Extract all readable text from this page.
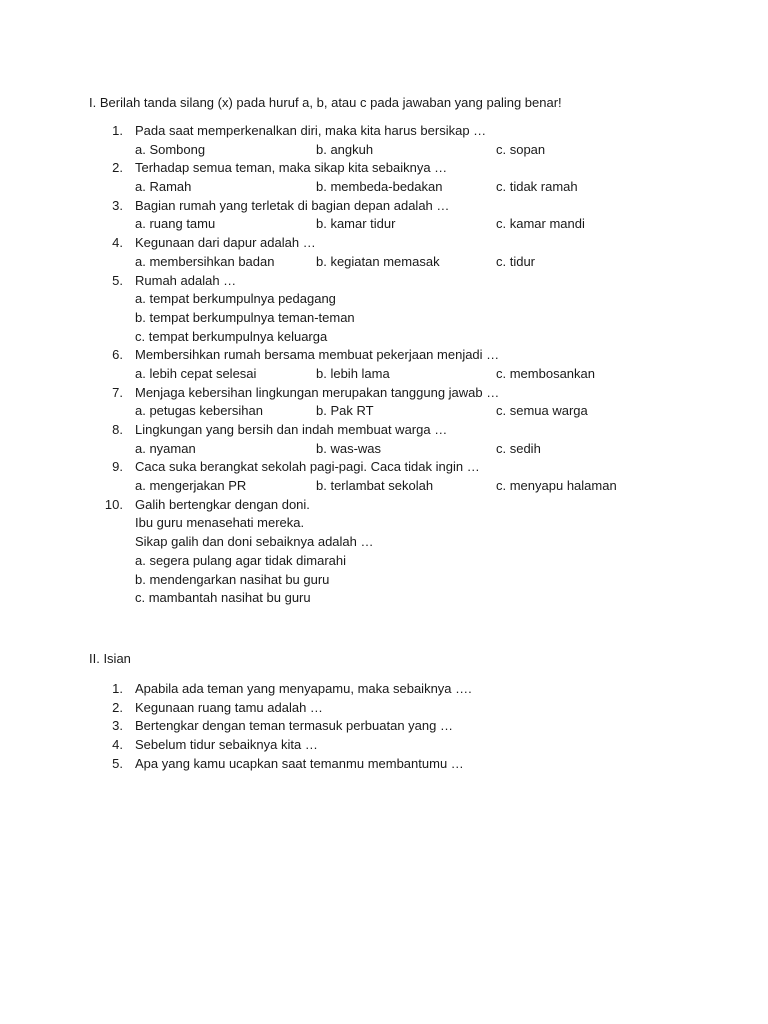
I. Berilah tanda silang (x) pada huruf a, b, atau c pada jawaban yang paling benar!
1. Pada saat memperkenalkan diri, maka kita harus bersikap …
a. Sombong	b. angkuh	c. sopan
2. Terhadap semua teman, maka sikap kita sebaiknya …
a. Ramah	b. membeda-bedakan	c. tidak ramah
3. Bagian rumah yang terletak di bagian depan adalah …
a. ruang tamu	b. kamar tidur	c. kamar mandi
4. Kegunaan dari dapur adalah …
a. membersihkan badan	b. kegiatan memasak	c. tidur
5. Rumah adalah …
a. tempat berkumpulnya pedagang
b. tempat berkumpulnya teman-teman
c. tempat berkumpulnya keluarga
6. Membersihkan rumah bersama membuat pekerjaan menjadi …
a. lebih cepat selesai	b. lebih lama	c. membosankan
7. Menjaga kebersihan lingkungan merupakan tanggung jawab …
a. petugas kebersihan	b. Pak RT	c. semua warga
8. Lingkungan yang bersih dan indah membuat warga …
a. nyaman	b. was-was	c. sedih
9. Caca suka berangkat sekolah pagi-pagi. Caca tidak ingin …
a. mengerjakan PR	b. terlambat sekolah	c. menyapu halaman
10. Galih bertengkar dengan doni.
Ibu guru menasehati mereka.
Sikap galih dan doni sebaiknya adalah …
a. segera pulang agar tidak dimarahi
b. mendengarkan nasihat bu guru
c. mambantah nasihat bu guru
II. Isian
1. Apabila ada teman yang menyapamu, maka sebaiknya ….
2. Kegunaan ruang tamu adalah …
3. Bertengkar dengan teman termasuk perbuatan yang …
4. Sebelum tidur sebaiknya kita …
5. Apa yang kamu ucapkan saat temanmu membantumu …
